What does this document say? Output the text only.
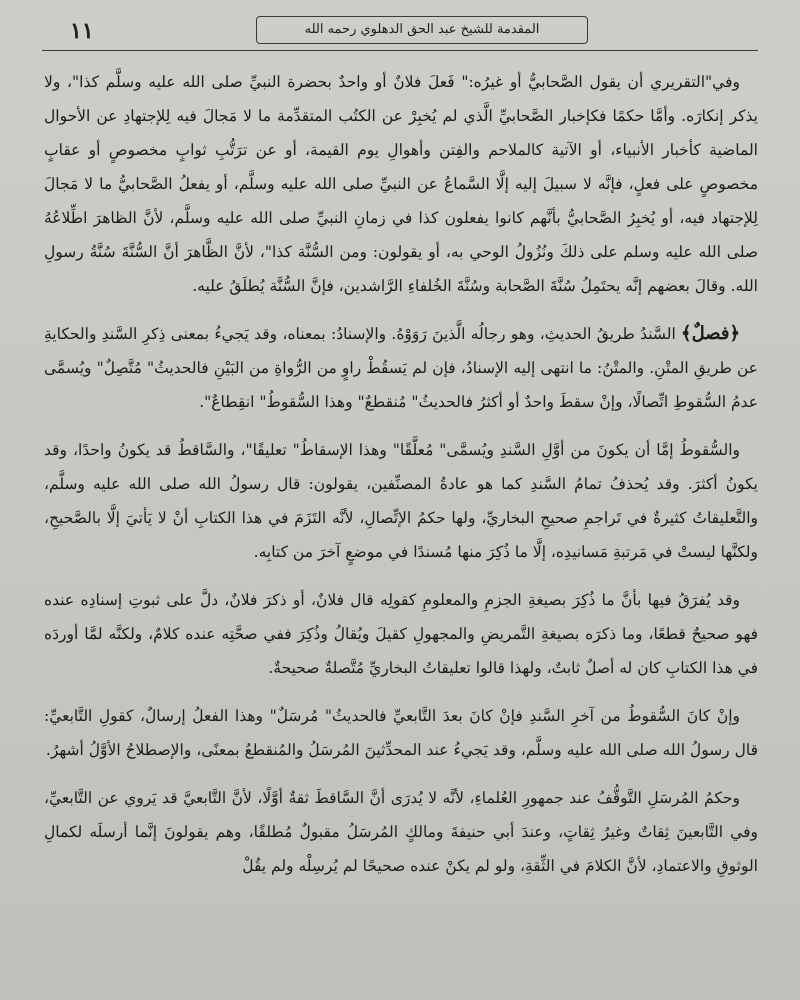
١١	المقدمة للشيخ عبد الحق الدهلوي رحمه الله

وفي"التقريري أن يقول الصَّحابيُّ أو غيرُه:" فَعلَ فلانٌ أو واحدٌ بحضرة النبيِّ صلى الله عليه وسلَّم كذا"، ولا يذكر إنكارَه. وأمَّا حكمًا فكإخبار الصَّحابيِّ الَّذي لم يُخبِرْ عن الكتُب المتقدِّمة ما لا مَجالَ فيه لِلإجتهادِ عن الأحوال الماضية كأخبار الأنبياء، أو الآتية كالملاحم والفِتن وأهوالِ يوم القيمة، أو عن ترَتُّبِ ثوابٍ مخصوصٍ أو عقابٍ مخصوصٍ على فعلٍ، فإنَّه لا سبيلَ إليه إلَّا السَّماعُ عن النبيِّ صلى الله عليه وسلَّم، أو يفعلُ الصَّحابيُّ ما لا مَجالَ لِلإجتهاد فيه، أو يُخبِرُ الصَّحابيُّ بأنَّهم كانوا يفعلون كذا في زمانِ النبيِّ صلى الله عليه وسلَّم، لأنَّ الظاهرَ اطِّلاعُهُ صلى الله عليه وسلم على ذلكَ ونُزُولُ الوحي به، أو يقولون: ومن السُّنَّة كذا"، لأنَّ الظَّاهرَ أنَّ السُّنَّةَ سُنَّةُ رسولِ الله. وقالَ بعضهم إنَّه يحتَمِلُ سُنَّةَ الصَّحابة وسُنَّةَ الخُلفاءِ الرَّاشدين، فإنَّ السُّنَّة يُطلَقُ عليه.

﴿فصلٌ﴾ السَّندُ طريقُ الحديثِ، وهو رجالُه الَّذينَ رَوَوْهُ. والإسنادُ: بمعناه، وقد يَجيءُ بمعنى ذِكرِ السَّندِ والحكايةِ عن طريقِ المتْنِ. والمتْنُ: ما انتهى إليه الإسنادُ، فإن لم يَسقُطْ راوٍ من الرُّواةِ من البَيْنِ فالحديثُ" مُتَّصِلٌ" ويُسمَّى عدمُ السُّقوطِ اتِّصالًا، وإنْ سقطَ واحدٌ أو أكثرُ فالحديثُ" مُنقطعٌ" وهذا السُّقوطُ" انقِطاعٌ".

والسُّقوطُ إمَّا أن يكونَ من أوَّلِ السَّندِ ويُسمَّى" مُعلَّقًا" وهذا الإسقاطُ" تعليقًا"، والسَّاقطُ قد يكونُ واحدًا، وقد يكونُ أكثرَ. وقد يُحذفُ تمامُ السَّندِ كما هو عادةُ المصنِّفين، يقولون: قال رسولُ الله صلى الله عليه وسلَّم، والتَّعليقاتُ كثيرةٌ في تَراجمِ صحيحِ البخاريِّ، ولها حكمُ الإتِّصالِ، لأنَّه التَزَمَ في هذا الكتابِ أنْ لا يَأتيَ إلَّا بالصَّحيحِ، ولكنَّها ليستْ في مَرتبةِ مَسانيدِه، إلَّا ما ذُكِرَ منها مُسندًا في موضعٍ آخرَ من كتابِه.

وقد يُفرَقُ فيها بأنَّ ما ذُكِرَ بصيغةِ الجزمِ والمعلومِ كقولِه قال فلانٌ، أو ذكرَ فلانٌ، دلَّ على ثبوتِ إسنادِه عنده فهو صحيحٌ قطعًا، وما ذكرَه بصيغةِ التَّمريضِ والمجهولِ كقيلَ ويُقالُ وذُكِرَ ففي صحَّتِه عنده كلامٌ، ولكنَّه لمَّا أوردَه في هذا الكتابِ كان له أصلٌ ثابتٌ، ولهذا قالوا تعليقاتُ البخاريِّ مُتَّصلةٌ صحيحةٌ.

وإنْ كانَ السُّقوطُ من آخرِ السَّندِ فإنْ كانَ بعدَ التَّابعيِّ فالحديثُ" مُرسَلٌ" وهذا الفعلُ إرسالٌ، كقولِ التَّابعيِّ: قال رسولُ الله صلى الله عليه وسلَّم، وقد يَجيءُ عند المحدِّثينَ المُرسَلُ والمُنقطعُ بمعنًى، والإصطلاحُ الأوَّلُ أشهرُ.

وحكمُ المُرسَلِ التَّوقُّفُ عند جمهورِ العُلماءِ، لأنَّه لا يُدرَى أنَّ السَّاقطَ ثقةٌ أوَّلًا، لأنَّ التَّابعيَّ قد يَروي عن التَّابعيِّ، وفي التَّابعينَ ثِقاتٌ وغيرُ ثِقاتٍ، وعندَ أبي حنيفةَ ومالكٍ المُرسَلُ مقبولٌ مُطلقًا، وهم يقولونَ إنَّما أرسلَه لكمالِ الوثوقِ والاعتمادِ، لأنَّ الكلامَ في الثِّقةِ، ولو لم يكنْ عنده صحيحًا لم يُرسِلْه ولم يقُلْ
